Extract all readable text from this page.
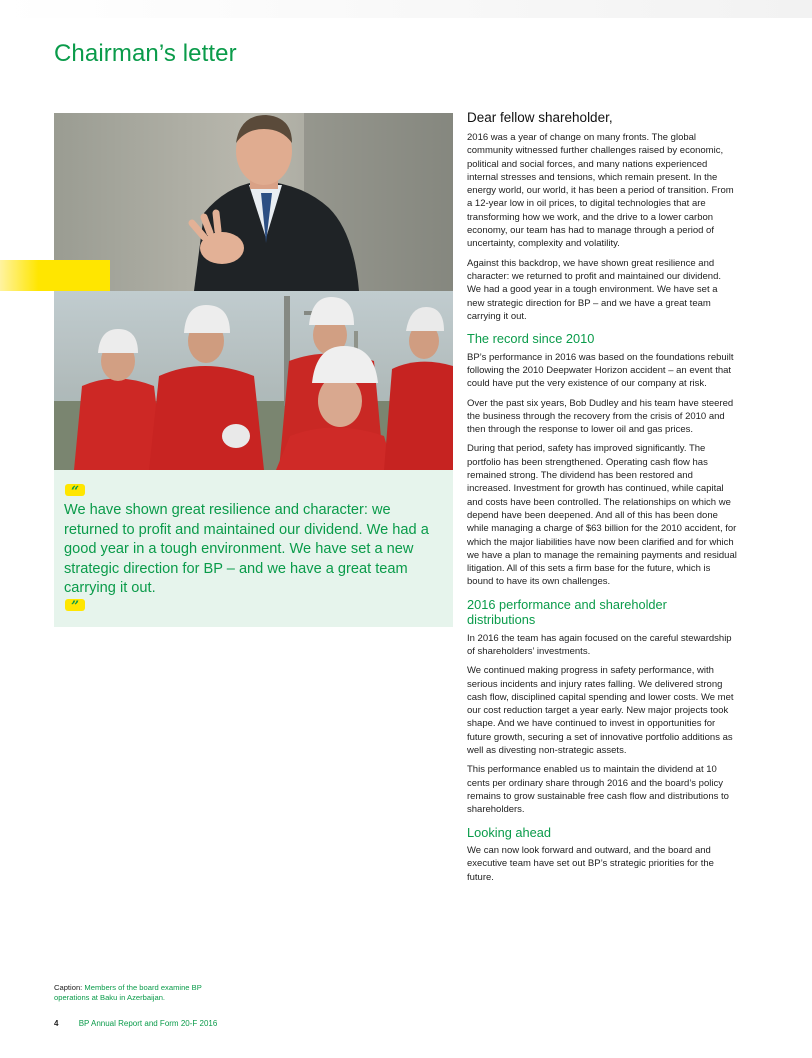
Chairman’s letter
“

We have shown great resilience and character: we returned to profit and maintained our dividend. We had a good year in a tough environment. We have set a new strategic direction for BP – and we have a great team carrying it out.

”
Dear fellow shareholder,

2016 was a year of change on many fronts. The global community witnessed further challenges raised by economic, political and social forces, and many nations experienced internal stresses and tensions, which remain present. In the energy world, our world, it has been a period of transition. From a 12-year low in oil prices, to digital technologies that are transforming how we work, and the drive to a lower carbon economy, our team has had to manage through a period of uncertainty, complexity and volatility.

Against this backdrop, we have shown great resilience and character: we returned to profit and maintained our dividend. We had a good year in a tough environment. We have set a new strategic direction for BP – and we have a great team carrying it out.

The record since 2010

BP’s performance in 2016 was based on the foundations rebuilt following the 2010 Deepwater Horizon accident – an event that could have put the very existence of our company at risk.

Over the past six years, Bob Dudley and his team have steered the business through the recovery from the crisis of 2010 and then through the response to lower oil and gas prices.

During that period, safety has improved significantly. The portfolio has been strengthened. Operating cash flow has remained strong. The dividend has been restored and increased. Investment for growth has continued, while capital and costs have been controlled. The relationships on which we depend have been deepened. And all of this has been done while managing a charge of $63 billion for the 2010 accident, for which the major liabilities have now been clarified and for which we have a plan to manage the remaining payments and residual litigation. All of this sets a firm base for the future, which is bound to have its own challenges.

2016 performance and shareholder distributions

In 2016 the team has again focused on the careful stewardship of shareholders’ investments.

We continued making progress in safety performance, with serious incidents and injury rates falling. We delivered strong cash flow, disciplined capital spending and lower costs. We met our cost reduction target a year early. New major projects took shape. And we have continued to invest in opportunities for future growth, securing a set of innovative portfolio additions as well as divesting non-strategic assets.

This performance enabled us to maintain the dividend at 10 cents per ordinary share through 2016 and the board’s policy remains to grow sustainable free cash flow and distributions to shareholders.

Looking ahead

We can now look forward and outward, and the board and executive team have set out BP’s strategic priorities for the future.

Caption: Members of the board examine BP operations at Baku in Azerbaijan.
4	BP Annual Report and Form 20-F 2016
